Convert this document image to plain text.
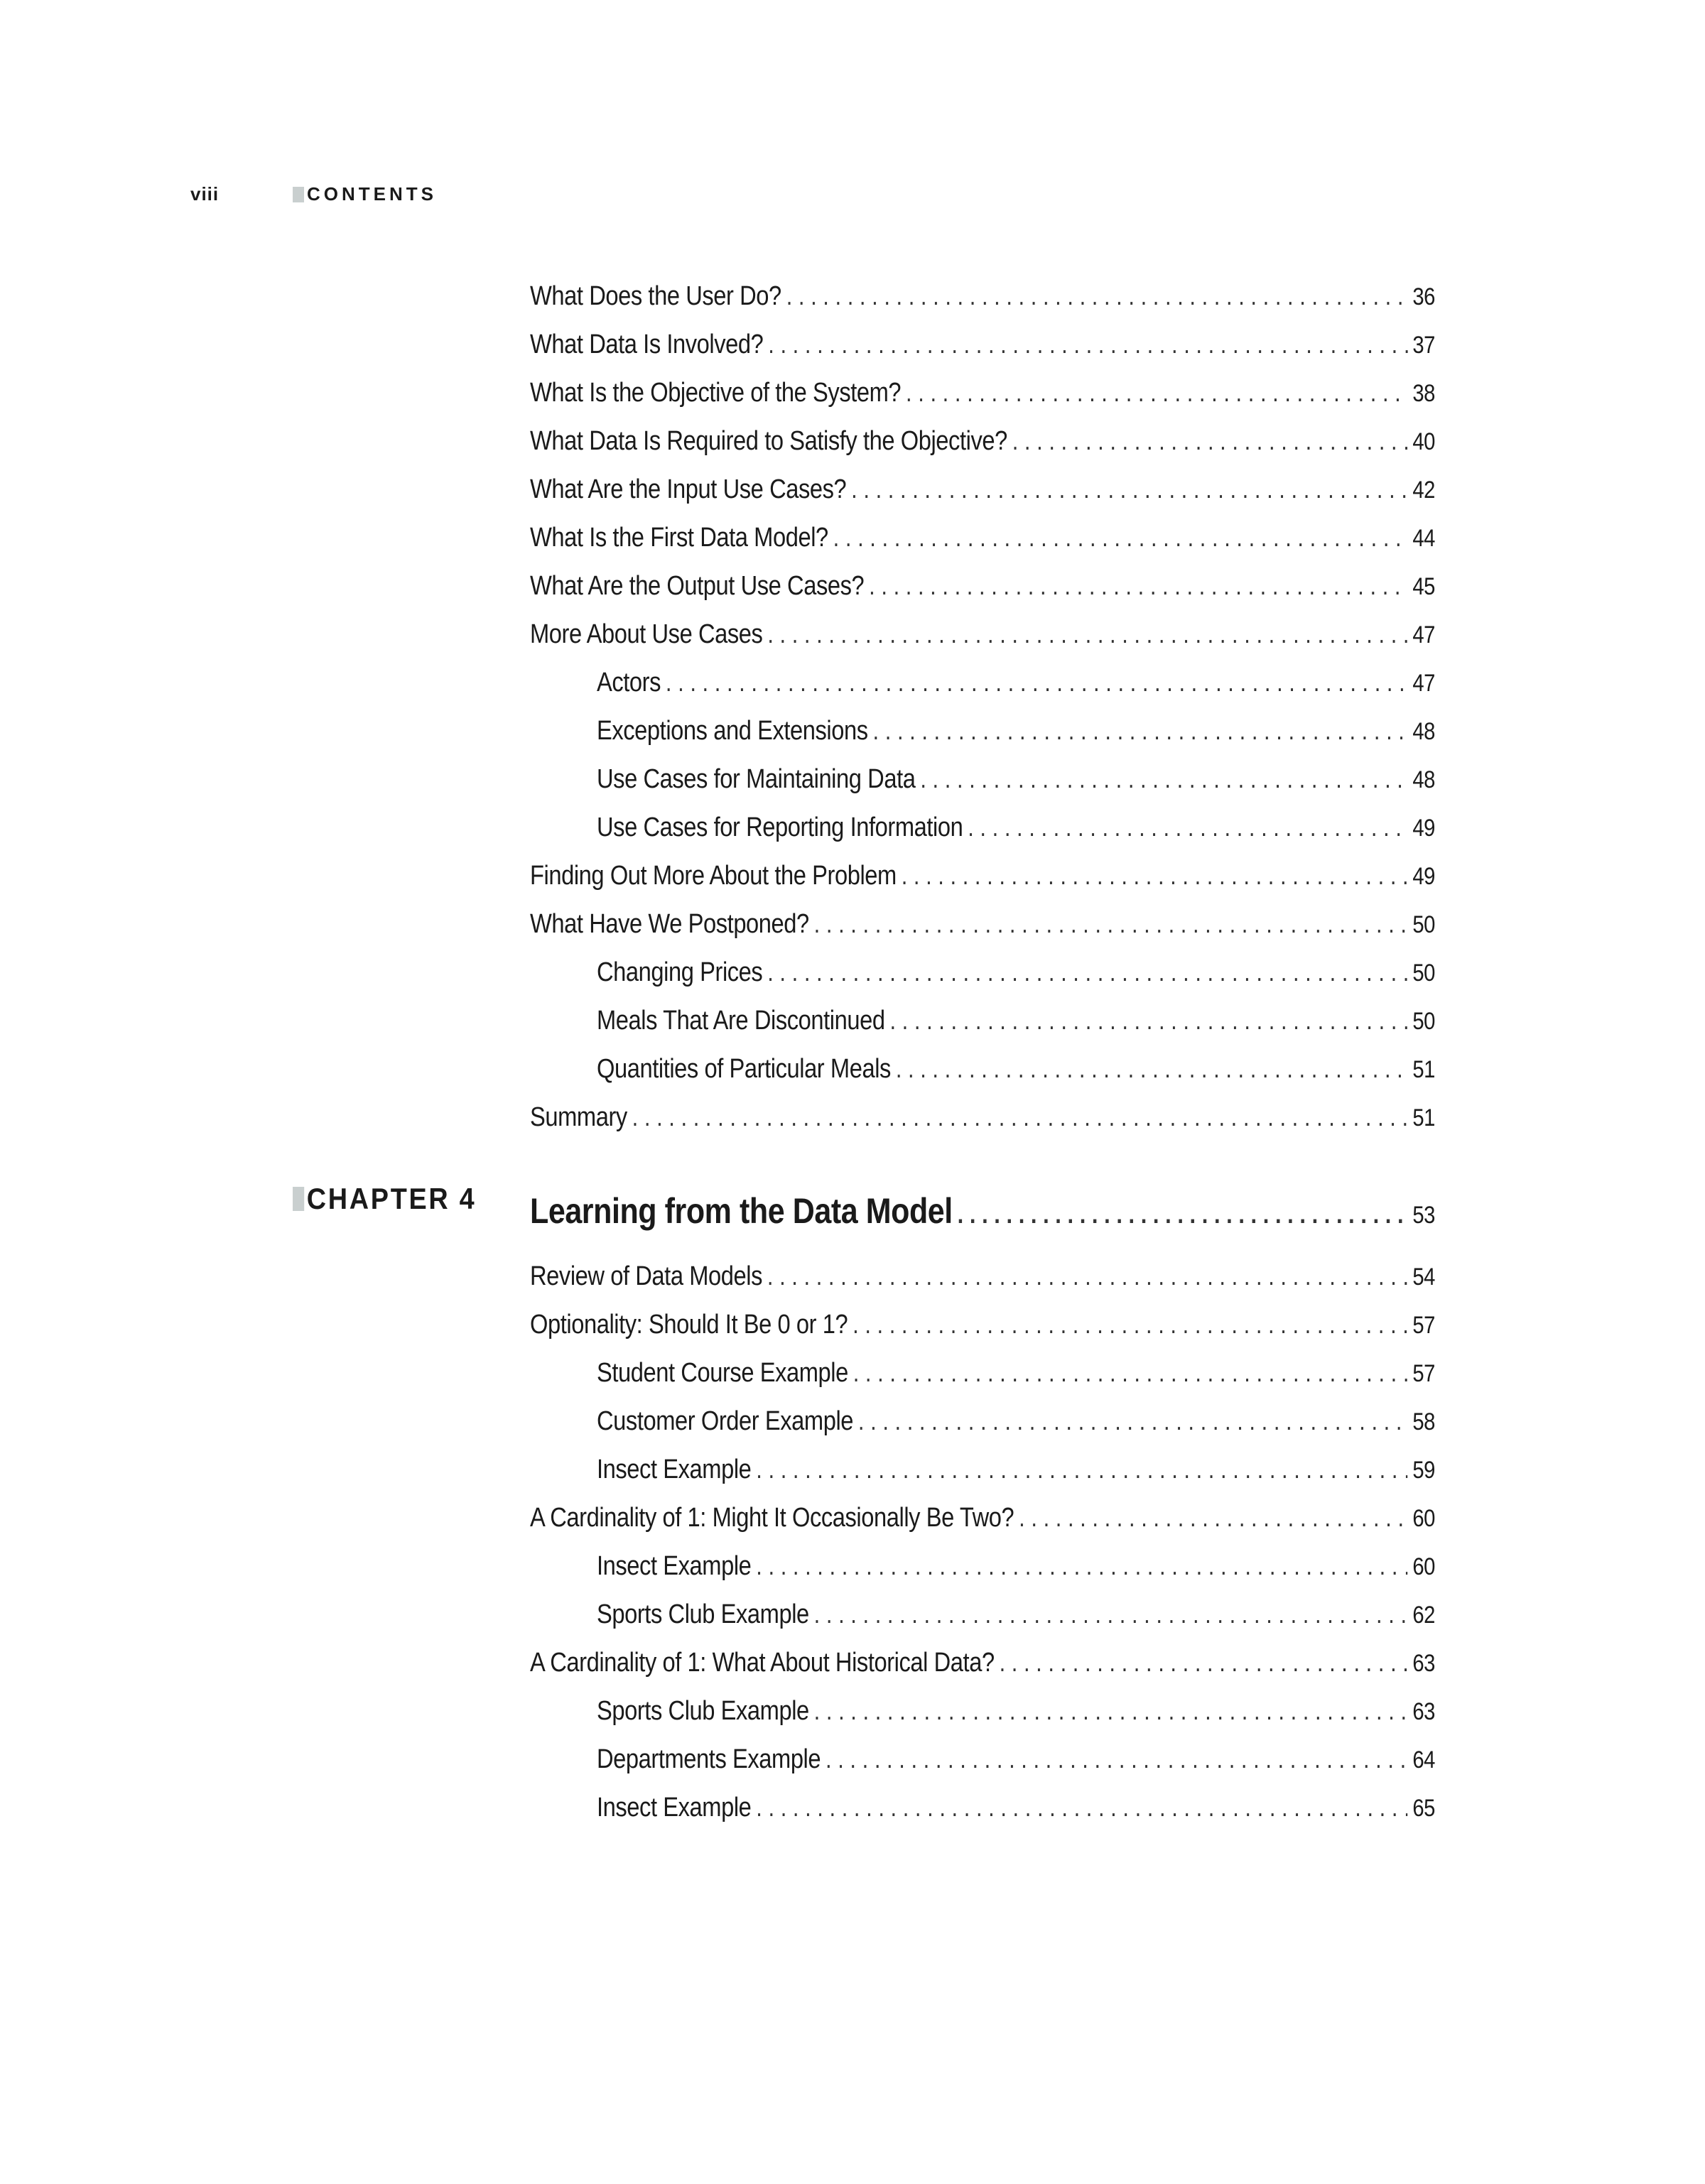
viii	CONTENTS
What Does the User Do? . . .	36
What Data Is Involved? . . .	37
What Is the Objective of the System? . . .	38
What Data Is Required to Satisfy the Objective? . . .	40
What Are the Input Use Cases? . . .	42
What Is the First Data Model? . . .	44
What Are the Output Use Cases? . . .	45
More About Use Cases . . .	47
Actors . . .	47
Exceptions and Extensions . . .	48
Use Cases for Maintaining Data . . .	48
Use Cases for Reporting Information . . .	49
Finding Out More About the Problem . . .	49
What Have We Postponed? . . .	50
Changing Prices . . .	50
Meals That Are Discontinued . . .	50
Quantities of Particular Meals . . .	51
Summary . . .	51
Learning from the Data Model . . .	53
Review of Data Models . . .	54
Optionality: Should It Be 0 or 1? . . .	57
Student Course Example . . .	57
Customer Order Example . . .	58
Insect Example . . .	59
A Cardinality of 1: Might It Occasionally Be Two? . . .	60
Insect Example . . .	60
Sports Club Example . . .	62
A Cardinality of 1: What About Historical Data? . . .	63
Sports Club Example . . .	63
Departments Example . . .	64
Insect Example . . .	65
CHAPTER 4
